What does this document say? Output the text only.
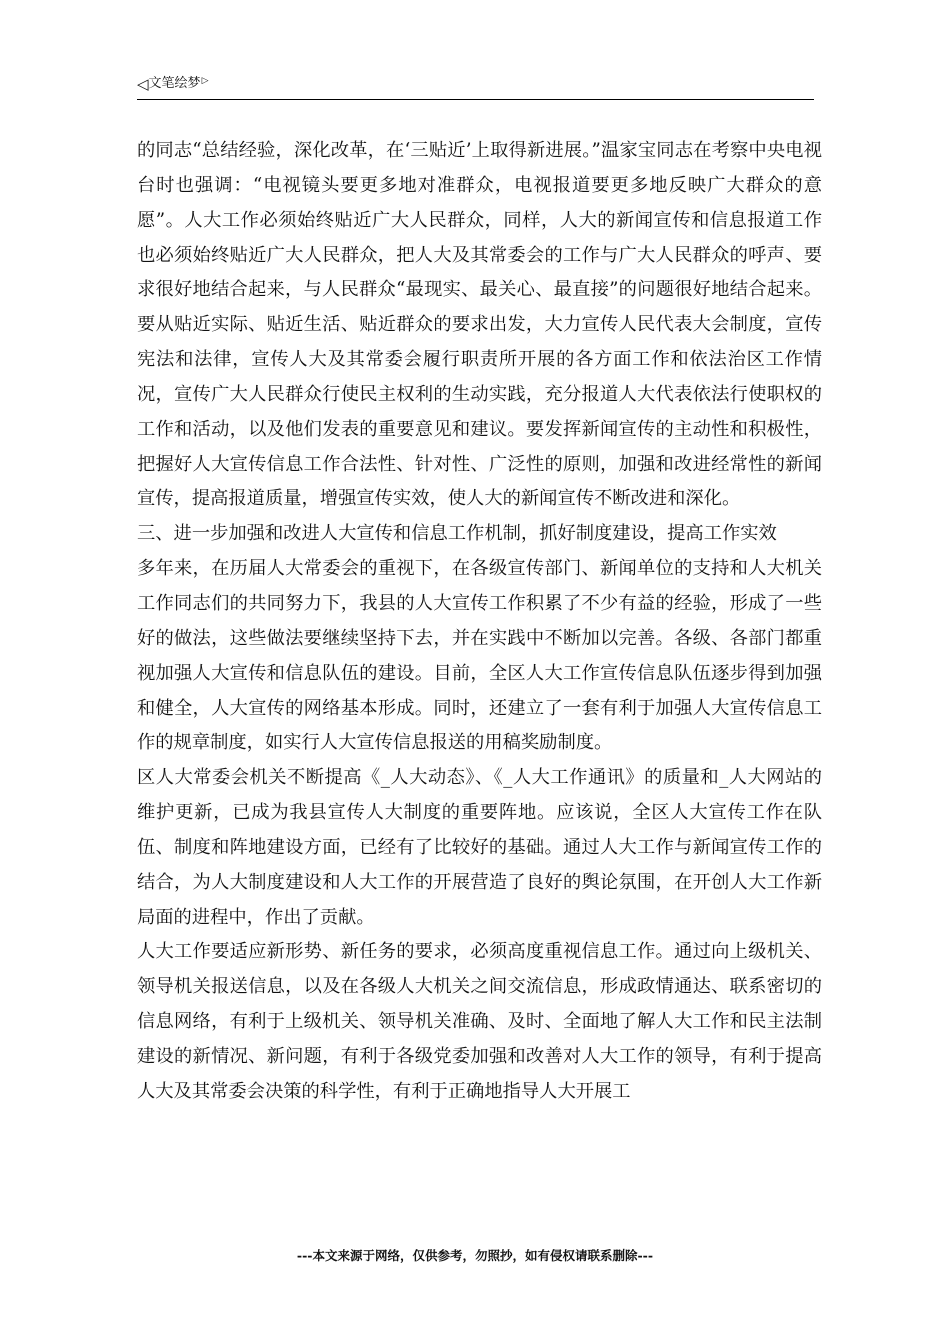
◁ 文笔绘梦 ▷

的同志“总结经验，深化改革，在‘三贴近’上取得新进展。”温家宝同志在考察中央电视台时也强调：“电视镜头要更多地对准群众，电视报道要更多地反映广大群众的意愿”。人大工作必须始终贴近广大人民群众，同样，人大的新闻宣传和信息报道工作也必须始终贴近广大人民群众，把人大及其常委会的工作与广大人民群众的呼声、要求很好地结合起来，与人民群众“最现实、最关心、最直接”的问题很好地结合起来。要从贴近实际、贴近生活、贴近群众的要求出发，大力宣传人民代表大会制度，宣传宪法和法律，宣传人大及其常委会履行职责所开展的各方面工作和依法治区工作情况，宣传广大人民群众行使民主权利的生动实践，充分报道人大代表依法行使职权的工作和活动，以及他们发表的重要意见和建议。要发挥新闻宣传的主动性和积极性，把握好人大宣传信息工作合法性、针对性、广泛性的原则，加强和改进经常性的新闻宣传，提高报道质量，增强宣传实效，使人大的新闻宣传不断改进和深化。

三、进一步加强和改进人大宣传和信息工作机制，抓好制度建设，提高工作实效

多年来，在历届人大常委会的重视下，在各级宣传部门、新闻单位的支持和人大机关工作同志们的共同努力下，我县的人大宣传工作积累了不少有益的经验，形成了一些好的做法，这些做法要继续坚持下去，并在实践中不断加以完善。各级、各部门都重视加强人大宣传和信息队伍的建设。目前，全区人大工作宣传信息队伍逐步得到加强和健全，人大宣传的网络基本形成。同时，还建立了一套有利于加强人大宣传信息工作的规章制度，如实行人大宣传信息报送的用稿奖励制度。

区人大常委会机关不断提高《_人大动态》、《_人大工作通讯》的质量和_人大网站的维护更新，已成为我县宣传人大制度的重要阵地。应该说，全区人大宣传工作在队伍、制度和阵地建设方面，已经有了比较好的基础。通过人大工作与新闻宣传工作的结合，为人大制度建设和人大工作的开展营造了良好的舆论氛围，在开创人大工作新局面的进程中，作出了贡献。

人大工作要适应新形势、新任务的要求，必须高度重视信息工作。通过向上级机关、领导机关报送信息，以及在各级人大机关之间交流信息，形成政情通达、联系密切的信息网络，有利于上级机关、领导机关准确、及时、全面地了解人大工作和民主法制建设的新情况、新问题，有利于各级党委加强和改善对人大工作的领导，有利于提高人大及其常委会决策的科学性，有利于正确地指导人大开展工

---本文来源于网络，仅供参考，勿照抄，如有侵权请联系删除---
